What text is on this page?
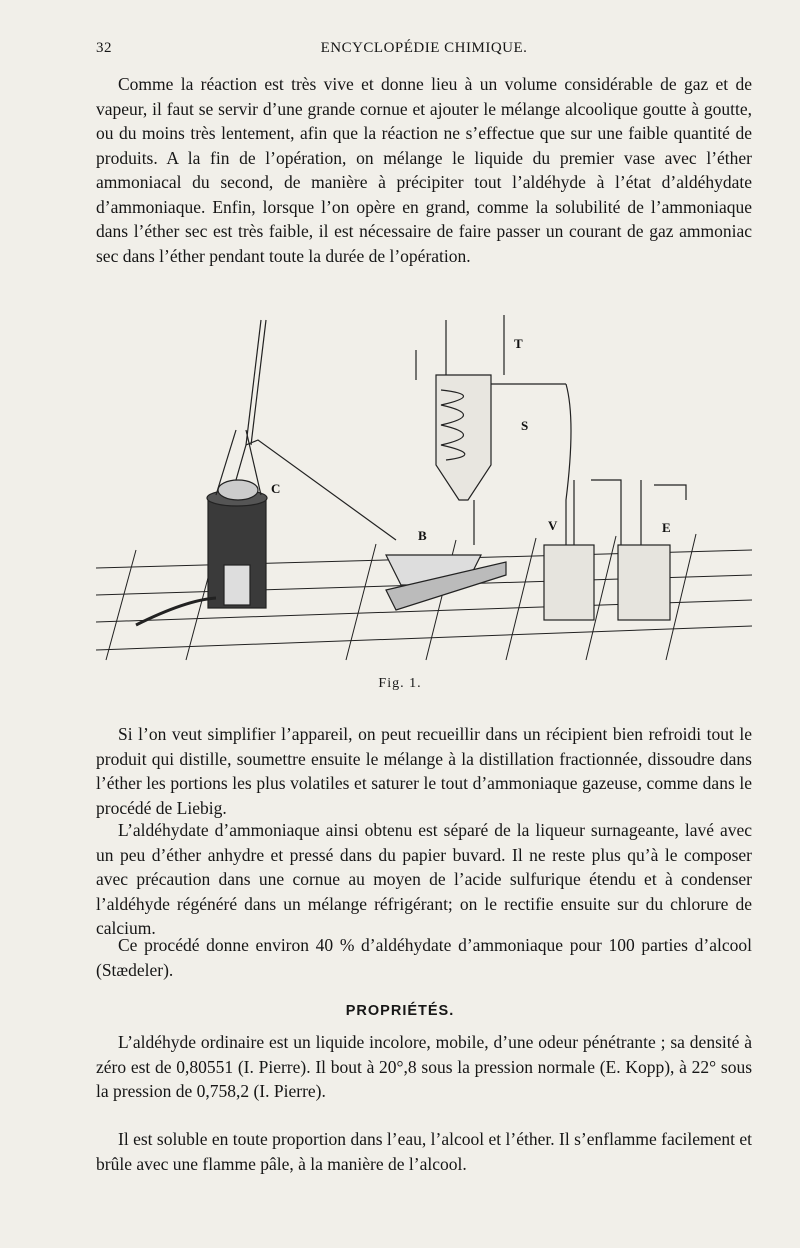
32	ENCYCLOPÉDIE CHIMIQUE.

Comme la réaction est très vive et donne lieu à un volume considérable de gaz et de vapeur, il faut se servir d’une grande cornue et ajouter le mélange alcoolique goutte à goutte, ou du moins très lentement, afin que la réaction ne s’effectue que sur une faible quantité de produits. A la fin de l’opération, on mélange le liquide du premier vase avec l’éther ammoniacal du second, de manière à précipiter tout l’aldéhyde à l’état d’aldéhydate d’ammoniaque. Enfin, lorsque l’on opère en grand, comme la solubilité de l’ammoniaque dans l’éther sec est très faible, il est nécessaire de faire passer un courant de gaz ammoniac sec dans l’éther pendant toute la durée de l’opération.

C
T
S
B
V	E
Fig. 1.

Si l’on veut simplifier l’appareil, on peut recueillir dans un récipient bien refroidi tout le produit qui distille, soumettre ensuite le mélange à la distillation fractionnée, dissoudre dans l’éther les portions les plus volatiles et saturer le tout d’ammoniaque gazeuse, comme dans le procédé de Liebig.

L’aldéhydate d’ammoniaque ainsi obtenu est séparé de la liqueur surnageante, lavé avec un peu d’éther anhydre et pressé dans du papier buvard. Il ne reste plus qu’à le composer avec précaution dans une cornue au moyen de l’acide sulfurique étendu et à condenser l’aldéhyde régénéré dans un mélange réfrigérant; on le rectifie ensuite sur du chlorure de calcium.

Ce procédé donne environ 40 % d’aldéhydate d’ammoniaque pour 100 parties d’alcool (Stædeler).

PROPRIÉTÉS.

L’aldéhyde ordinaire est un liquide incolore, mobile, d’une odeur pénétrante ; sa densité à zéro est de 0,80551 (I. Pierre). Il bout à 20°,8 sous la pression normale (E. Kopp), à 22° sous la pression de 0,758,2 (I. Pierre).

Il est soluble en toute proportion dans l’eau, l’alcool et l’éther. Il s’enflamme facilement et brûle avec une flamme pâle, à la manière de l’alcool.
